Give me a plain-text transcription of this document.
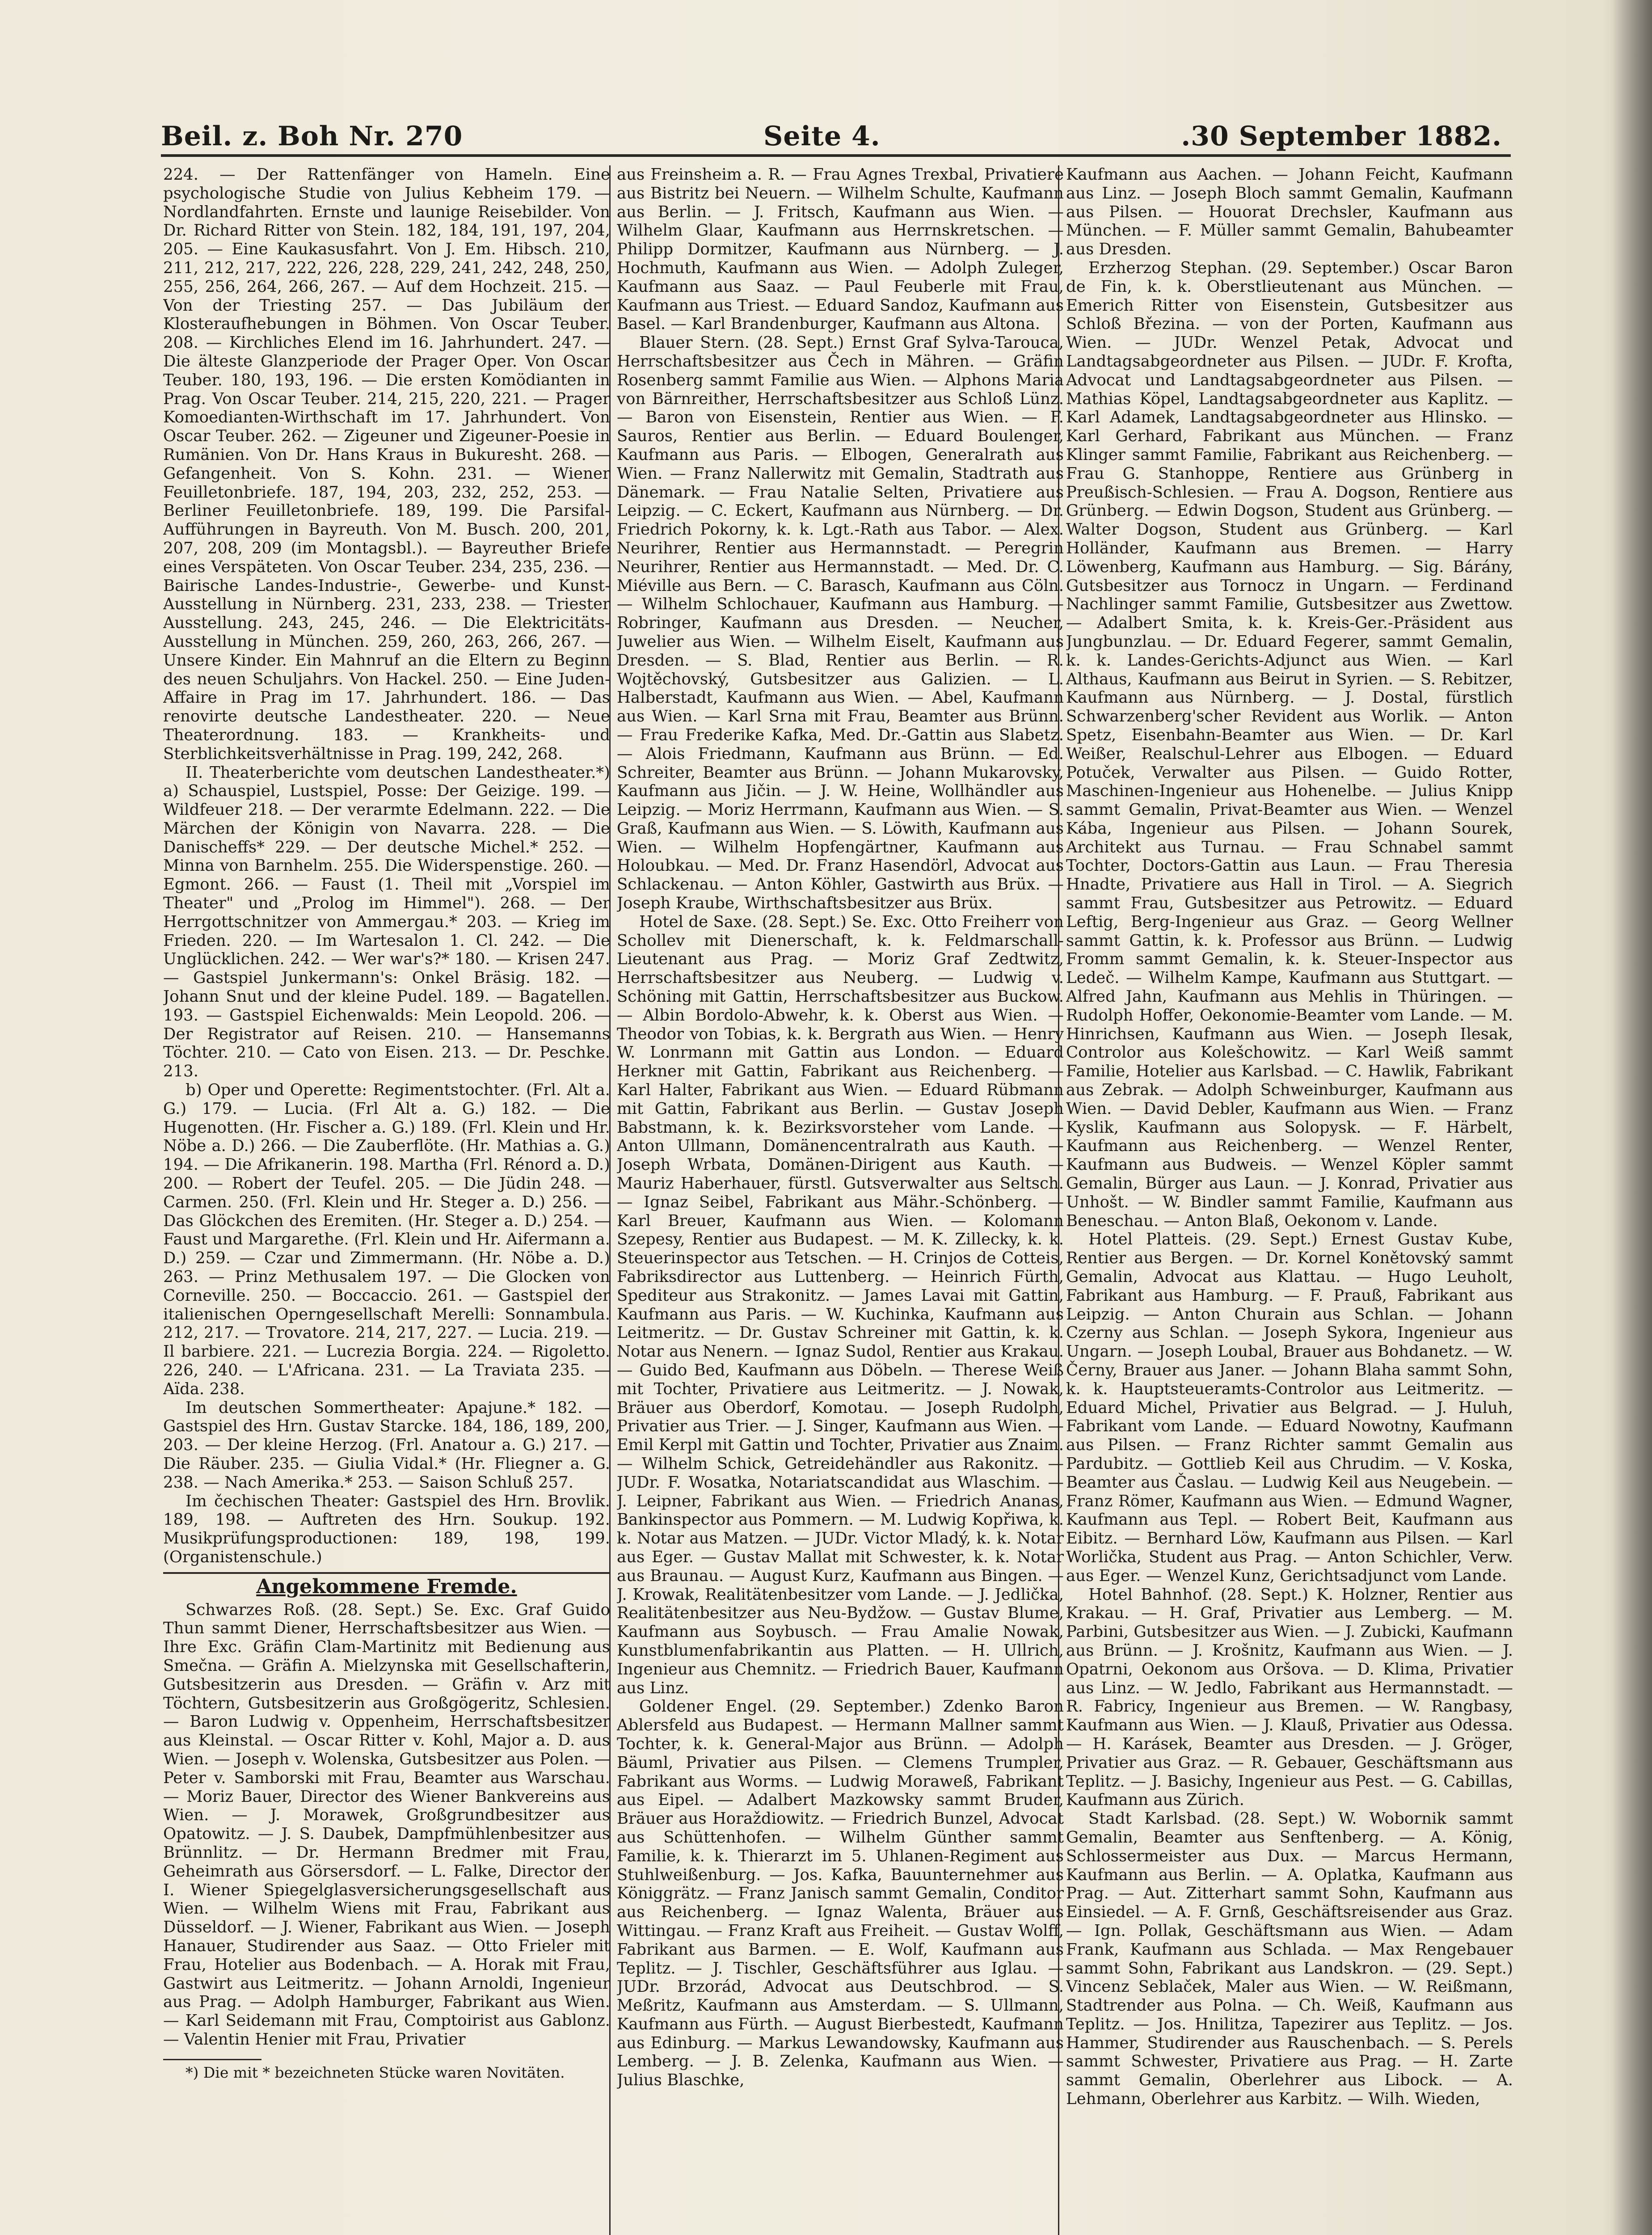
Beil. z. Boh Nr. 270	Seite 4.	.30 September 1882.

224. — Der Rattenfänger von Hameln. Eine psychologische Studie von Julius Kebheim 179. — Nordlandfahrten. Ernste und launige Reisebilder. Von Dr. Richard Ritter von Stein. 182, 184, 191, 197, 204, 205. — Eine Kaukasusfahrt. Von J. Em. Hibsch. 210, 211, 212, 217, 222, 226, 228, 229, 241, 242, 248, 250, 255, 256, 264, 266, 267. — Auf dem Hochzeit. 215. — Von der Triesting 257. — Das Jubiläum der Klosteraufhebungen in Böhmen. Von Oscar Teuber. 208. — Kirchliches Elend im 16. Jahrhundert. 247. — Die älteste Glanzperiode der Prager Oper. Von Oscar Teuber. 180, 193, 196. — Die ersten Komödianten in Prag. Von Oscar Teuber. 214, 215, 220, 221. — Prager Komoedianten-Wirthschaft im 17. Jahrhundert. Von Oscar Teuber. 262. — Zigeuner und Zigeuner-Poesie in Rumänien. Von Dr. Hans Kraus in Bukuresht. 268. — Gefangenheit. Von S. Kohn. 231. — Wiener Feuilletonbriefe. 187, 194, 203, 232, 252, 253. — Berliner Feuilletonbriefe. 189, 199. Die Parsifal-Aufführungen in Bayreuth. Von M. Busch. 200, 201, 207, 208, 209 (im Montagsbl.). — Bayreuther Briefe eines Verspäteten. Von Oscar Teuber. 234, 235, 236. — Bairische Landes-Industrie-, Gewerbe- und Kunst-Ausstellung in Nürnberg. 231, 233, 238. — Triester Ausstellung. 243, 245, 246. — Die Elektricitäts-Ausstellung in München. 259, 260, 263, 266, 267. — Unsere Kinder. Ein Mahnruf an die Eltern zu Beginn des neuen Schuljahrs. Von Hackel. 250. — Eine Juden-Affaire in Prag im 17. Jahrhundert. 186. — Das renovirte deutsche Landestheater. 220. — Neue Theaterordnung. 183. — Krankheits- und Sterblichkeitsverhältnisse in Prag. 199, 242, 268.

II. Theaterberichte vom deutschen Landestheater.*) a) Schauspiel, Lustspiel, Posse: Der Geizige. 199. — Wildfeuer 218. — Der verarmte Edelmann. 222. — Die Märchen der Königin von Navarra. 228. — Die Danischeffs* 229. — Der deutsche Michel.* 252. — Minna von Barnhelm. 255. Die Widerspenstige. 260. — Egmont. 266. — Faust (1. Theil mit „Vorspiel im Theater" und „Prolog im Himmel"). 268. — Der Herrgottschnitzer von Ammergau.* 203. — Krieg im Frieden. 220. — Im Wartesalon 1. Cl. 242. — Die Unglücklichen. 242. — Wer war's?* 180. — Krisen 247. — Gastspiel Junkermann's: Onkel Bräsig. 182. — Johann Snut und der kleine Pudel. 189. — Bagatellen. 193. — Gastspiel Eichenwalds: Mein Leopold. 206. — Der Registrator auf Reisen. 210. — Hansemanns Töchter. 210. — Cato von Eisen. 213. — Dr. Peschke. 213.

b) Oper und Operette: Regimentstochter. (Frl. Alt a. G.) 179. — Lucia. (Frl Alt a. G.) 182. — Die Hugenotten. (Hr. Fischer a. G.) 189. (Frl. Klein und Hr. Nöbe a. D.) 266. — Die Zauberflöte. (Hr. Mathias a. G.) 194. — Die Afrikanerin. 198. Martha (Frl. Rénord a. D.) 200. — Robert der Teufel. 205. — Die Jüdin 248. — Carmen. 250. (Frl. Klein und Hr. Steger a. D.) 256. — Das Glöckchen des Eremiten. (Hr. Steger a. D.) 254. — Faust und Margarethe. (Frl. Klein und Hr. Aifermann a. D.) 259. — Czar und Zimmermann. (Hr. Nöbe a. D.) 263. — Prinz Methusalem 197. — Die Glocken von Corneville. 250. — Boccaccio. 261. — Gastspiel der italienischen Operngesellschaft Merelli: Sonnambula. 212, 217. — Trovatore. 214, 217, 227. — Lucia. 219. — Il barbiere. 221. — Lucrezia Borgia. 224. — Rigoletto. 226, 240. — L'Africana. 231. — La Traviata 235. — Aïda. 238.

Im deutschen Sommertheater: Apajune.* 182. — Gastspiel des Hrn. Gustav Starcke. 184, 186, 189, 200, 203. — Der kleine Herzog. (Frl. Anatour a. G.) 217. — Die Räuber. 235. — Giulia Vidal.* (Hr. Fliegner a. G. 238. — Nach Amerika.* 253. — Saison Schluß 257.

Im čechischen Theater: Gastspiel des Hrn. Brovlik. 189, 198. — Auftreten des Hrn. Soukup. 192. Musikprüfungsproductionen: 189, 198, 199. (Organistenschule.)

Angekommene Fremde.

Schwarzes Roß. (28. Sept.) Se. Exc. Graf Guido Thun sammt Diener, Herrschaftsbesitzer aus Wien. — Ihre Exc. Gräfin Clam-Martinitz mit Bedienung aus Smečna. — Gräfin A. Mielzynska mit Gesellschafterin, Gutsbesitzerin aus Dresden. — Gräfin v. Arz mit Töchtern, Gutsbesitzerin aus Großgögeritz, Schlesien. — Baron Ludwig v. Oppenheim, Herrschaftsbesitzer aus Kleinstal. — Oscar Ritter v. Kohl, Major a. D. aus Wien. — Joseph v. Wolenska, Gutsbesitzer aus Polen. — Peter v. Samborski mit Frau, Beamter aus Warschau. — Moriz Bauer, Director des Wiener Bankvereins aus Wien. — J. Morawek, Großgrundbesitzer aus Opatowitz. — J. S. Daubek, Dampfmühlenbesitzer aus Brünnlitz. — Dr. Hermann Bredmer mit Frau, Geheimrath aus Görsersdorf. — L. Falke, Director der I. Wiener Spiegelglasversicherungsgesellschaft aus Wien. — Wilhelm Wiens mit Frau, Fabrikant aus Düsseldorf. — J. Wiener, Fabrikant aus Wien. — Joseph Hanauer, Studirender aus Saaz. — Otto Frieler mit Frau, Hotelier aus Bodenbach. — A. Horak mit Frau, Gastwirt aus Leitmeritz. — Johann Arnoldi, Ingenieur aus Prag. — Adolph Hamburger, Fabrikant aus Wien. — Karl Seidemann mit Frau, Comptoirist aus Gablonz. — Valentin Henier mit Frau, Privatier

*) Die mit * bezeichneten Stücke waren Novitäten.

aus Freinsheim a. R. — Frau Agnes Trexbal, Privatiere aus Bistritz bei Neuern. — Wilhelm Schulte, Kaufmann aus Berlin. — J. Fritsch, Kaufmann aus Wien. — Wilhelm Glaar, Kaufmann aus Herrnskretschen. — Philipp Dormitzer, Kaufmann aus Nürnberg. — J. Hochmuth, Kaufmann aus Wien. — Adolph Zuleger, Kaufmann aus Saaz. — Paul Feuberle mit Frau, Kaufmann aus Triest. — Eduard Sandoz, Kaufmann aus Basel. — Karl Brandenburger, Kaufmann aus Altona.

Blauer Stern. (28. Sept.) Ernst Graf Sylva-Tarouca, Herrschaftsbesitzer aus Čech in Mähren. — Gräfin Rosenberg sammt Familie aus Wien. — Alphons Maria von Bärnreither, Herrschaftsbesitzer aus Schloß Lünz. — Baron von Eisenstein, Rentier aus Wien. — F. Sauros, Rentier aus Berlin. — Eduard Boulenger, Kaufmann aus Paris. — Elbogen, Generalrath aus Wien. — Franz Nallerwitz mit Gemalin, Stadtrath aus Dänemark. — Frau Natalie Selten, Privatiere aus Leipzig. — C. Eckert, Kaufmann aus Nürnberg. — Dr. Friedrich Pokorny, k. k. Lgt.-Rath aus Tabor. — Alex. Neurihrer, Rentier aus Hermannstadt. — Peregrin Neurihrer, Rentier aus Hermannstadt. — Med. Dr. C. Miéville aus Bern. — C. Barasch, Kaufmann aus Cöln. — Wilhelm Schlochauer, Kaufmann aus Hamburg. — Robringer, Kaufmann aus Dresden. — Neucher, Juwelier aus Wien. — Wilhelm Eiselt, Kaufmann aus Dresden. — S. Blad, Rentier aus Berlin. — R. Wojtěchovský, Gutsbesitzer aus Galizien. — L. Halberstadt, Kaufmann aus Wien. — Abel, Kaufmann aus Wien. — Karl Srna mit Frau, Beamter aus Brünn. — Frau Frederike Kafka, Med. Dr.-Gattin aus Slabetz. — Alois Friedmann, Kaufmann aus Brünn. — Ed. Schreiter, Beamter aus Brünn. — Johann Mukarovsky, Kaufmann aus Jičin. — J. W. Heine, Wollhändler aus Leipzig. — Moriz Herrmann, Kaufmann aus Wien. — S. Graß, Kaufmann aus Wien. — S. Löwith, Kaufmann aus Wien. — Wilhelm Hopfengärtner, Kaufmann aus Holoubkau. — Med. Dr. Franz Hasendörl, Advocat aus Schlackenau. — Anton Köhler, Gastwirth aus Brüx. — Joseph Kraube, Wirthschaftsbesitzer aus Brüx.

Hotel de Saxe. (28. Sept.) Se. Exc. Otto Freiherr von Schollev mit Dienerschaft, k. k. Feldmarschall-Lieutenant aus Prag. — Moriz Graf Zedtwitz, Herrschaftsbesitzer aus Neuberg. — Ludwig v. Schöning mit Gattin, Herrschaftsbesitzer aus Buckow. — Albin Bordolo-Abwehr, k. k. Oberst aus Wien. — Theodor von Tobias, k. k. Bergrath aus Wien. — Henry W. Lonrmann mit Gattin aus London. — Eduard Herkner mit Gattin, Fabrikant aus Reichenberg. — Karl Halter, Fabrikant aus Wien. — Eduard Rübmann mit Gattin, Fabrikant aus Berlin. — Gustav Joseph Babstmann, k. k. Bezirksvorsteher vom Lande. — Anton Ullmann, Domänencentralrath aus Kauth. — Joseph Wrbata, Domänen-Dirigent aus Kauth. — Mauriz Haberhauer, fürstl. Gutsverwalter aus Seltsch. — Ignaz Seibel, Fabrikant aus Mähr.-Schönberg. — Karl Breuer, Kaufmann aus Wien. — Kolomann Szepesy, Rentier aus Budapest. — M. K. Zillecky, k. k. Steuerinspector aus Tetschen. — H. Crinjos de Cotteis, Fabriksdirector aus Luttenberg. — Heinrich Fürth, Spediteur aus Strakonitz. — James Lavai mit Gattin, Kaufmann aus Paris. — W. Kuchinka, Kaufmann aus Leitmeritz. — Dr. Gustav Schreiner mit Gattin, k. k. Notar aus Nenern. — Ignaz Sudol, Rentier aus Krakau. — Guido Bed, Kaufmann aus Döbeln. — Therese Weiß mit Tochter, Privatiere aus Leitmeritz. — J. Nowak, Bräuer aus Oberdorf, Komotau. — Joseph Rudolph, Privatier aus Trier. — J. Singer, Kaufmann aus Wien. — Emil Kerpl mit Gattin und Tochter, Privatier aus Znaim. — Wilhelm Schick, Getreidehändler aus Rakonitz. — JUDr. F. Wosatka, Notariatscandidat aus Wlaschim. — J. Leipner, Fabrikant aus Wien. — Friedrich Ananas, Bankinspector aus Pommern. — M. Ludwig Kopřiwa, k. k. Notar aus Matzen. — JUDr. Victor Mladý, k. k. Notar aus Eger. — Gustav Mallat mit Schwester, k. k. Notar aus Braunau. — August Kurz, Kaufmann aus Bingen. — J. Krowak, Realitätenbesitzer vom Lande. — J. Jedlička, Realitätenbesitzer aus Neu-Bydžow. — Gustav Blume, Kaufmann aus Soybusch. — Frau Amalie Nowak, Kunstblumenfabrikantin aus Platten. — H. Ullrich, Ingenieur aus Chemnitz. — Friedrich Bauer, Kaufmann aus Linz.

Goldener Engel. (29. September.) Zdenko Baron Ablersfeld aus Budapest. — Hermann Mallner sammt Tochter, k. k. General-Major aus Brünn. — Adolph Bäuml, Privatier aus Pilsen. — Clemens Trumpler, Fabrikant aus Worms. — Ludwig Moraweß, Fabrikant aus Eipel. — Adalbert Mazkowsky sammt Bruder, Bräuer aus Horaždiowitz. — Friedrich Bunzel, Advocat aus Schüttenhofen. — Wilhelm Günther sammt Familie, k. k. Thierarzt im 5. Uhlanen-Regiment aus Stuhlweißenburg. — Jos. Kafka, Bauunternehmer aus Königgrätz. — Franz Janisch sammt Gemalin, Conditor aus Reichenberg. — Ignaz Walenta, Bräuer aus Wittingau. — Franz Kraft aus Freiheit. — Gustav Wolff, Fabrikant aus Barmen. — E. Wolf, Kaufmann aus Teplitz. — J. Tischler, Geschäftsführer aus Iglau. — JUDr. Brzorád, Advocat aus Deutschbrod. — S. Meßritz, Kaufmann aus Amsterdam. — S. Ullmann, Kaufmann aus Fürth. — August Bierbestedt, Kaufmann aus Edinburg. — Markus Lewandowsky, Kaufmann aus Lemberg. — J. B. Zelenka, Kaufmann aus Wien. — Julius Blaschke,

Kaufmann aus Aachen. — Johann Feicht, Kaufmann aus Linz. — Joseph Bloch sammt Gemalin, Kaufmann aus Pilsen. — Houorat Drechsler, Kaufmann aus München. — F. Müller sammt Gemalin, Bahubeamter aus Dresden.

Erzherzog Stephan. (29. September.) Oscar Baron de Fin, k. k. Oberstlieutenant aus München. — Emerich Ritter von Eisenstein, Gutsbesitzer aus Schloß Březina. — von der Porten, Kaufmann aus Wien. — JUDr. Wenzel Petak, Advocat und Landtagsabgeordneter aus Pilsen. — JUDr. F. Krofta, Advocat und Landtagsabgeordneter aus Pilsen. — Mathias Köpel, Landtagsabgeordneter aus Kaplitz. — Karl Adamek, Landtagsabgeordneter aus Hlinsko. — Karl Gerhard, Fabrikant aus München. — Franz Klinger sammt Familie, Fabrikant aus Reichenberg. — Frau G. Stanhoppe, Rentiere aus Grünberg in Preußisch-Schlesien. — Frau A. Dogson, Rentiere aus Grünberg. — Edwin Dogson, Student aus Grünberg. — Walter Dogson, Student aus Grünberg. — Karl Holländer, Kaufmann aus Bremen. — Harry Löwenberg, Kaufmann aus Hamburg. — Sig. Bárány, Gutsbesitzer aus Tornocz in Ungarn. — Ferdinand Nachlinger sammt Familie, Gutsbesitzer aus Zwettow. — Adalbert Smita, k. k. Kreis-Ger.-Präsident aus Jungbunzlau. — Dr. Eduard Fegerer, sammt Gemalin, k. k. Landes-Gerichts-Adjunct aus Wien. — Karl Althaus, Kaufmann aus Beirut in Syrien. — S. Rebitzer, Kaufmann aus Nürnberg. — J. Dostal, fürstlich Schwarzenberg'scher Revident aus Worlik. — Anton Spetz, Eisenbahn-Beamter aus Wien. — Dr. Karl Weißer, Realschul-Lehrer aus Elbogen. — Eduard Potuček, Verwalter aus Pilsen. — Guido Rotter, Maschinen-Ingenieur aus Hohenelbe. — Julius Knipp sammt Gemalin, Privat-Beamter aus Wien. — Wenzel Kába, Ingenieur aus Pilsen. — Johann Sourek, Architekt aus Turnau. — Frau Schnabel sammt Tochter, Doctors-Gattin aus Laun. — Frau Theresia Hnadte, Privatiere aus Hall in Tirol. — A. Siegrich sammt Frau, Gutsbesitzer aus Petrowitz. — Eduard Leftig, Berg-Ingenieur aus Graz. — Georg Wellner sammt Gattin, k. k. Professor aus Brünn. — Ludwig Fromm sammt Gemalin, k. k. Steuer-Inspector aus Ledeč. — Wilhelm Kampe, Kaufmann aus Stuttgart. — Alfred Jahn, Kaufmann aus Mehlis in Thüringen. — Rudolph Hoffer, Oekonomie-Beamter vom Lande. — M. Hinrichsen, Kaufmann aus Wien. — Joseph Ilesak, Controlor aus Kolešchowitz. — Karl Weiß sammt Familie, Hotelier aus Karlsbad. — C. Hawlik, Fabrikant aus Zebrak. — Adolph Schweinburger, Kaufmann aus Wien. — David Debler, Kaufmann aus Wien. — Franz Kyslik, Kaufmann aus Solopysk. — F. Härbelt, Kaufmann aus Reichenberg. — Wenzel Renter, Kaufmann aus Budweis. — Wenzel Köpler sammt Gemalin, Bürger aus Laun. — J. Konrad, Privatier aus Unhošt. — W. Bindler sammt Familie, Kaufmann aus Beneschau. — Anton Blaß, Oekonom v. Lande.

Hotel Platteis. (29. Sept.) Ernest Gustav Kube, Rentier aus Bergen. — Dr. Kornel Konětovský sammt Gemalin, Advocat aus Klattau. — Hugo Leuholt, Fabrikant aus Hamburg. — F. Prauß, Fabrikant aus Leipzig. — Anton Churain aus Schlan. — Johann Czerny aus Schlan. — Joseph Sykora, Ingenieur aus Ungarn. — Joseph Loubal, Brauer aus Bohdanetz. — W. Černy, Brauer aus Janer. — Johann Blaha sammt Sohn, k. k. Hauptsteueramts-Controlor aus Leitmeritz. — Eduard Michel, Privatier aus Belgrad. — J. Huluh, Fabrikant vom Lande. — Eduard Nowotny, Kaufmann aus Pilsen. — Franz Richter sammt Gemalin aus Pardubitz. — Gottlieb Keil aus Chrudim. — V. Koska, Beamter aus Časlau. — Ludwig Keil aus Neugebein. — Franz Römer, Kaufmann aus Wien. — Edmund Wagner, Kaufmann aus Tepl. — Robert Beit, Kaufmann aus Eibitz. — Bernhard Löw, Kaufmann aus Pilsen. — Karl Worlička, Student aus Prag. — Anton Schichler, Verw. aus Eger. — Wenzel Kunz, Gerichtsadjunct vom Lande.

Hotel Bahnhof. (28. Sept.) K. Holzner, Rentier aus Krakau. — H. Graf, Privatier aus Lemberg. — M. Parbini, Gutsbesitzer aus Wien. — J. Zubicki, Kaufmann aus Brünn. — J. Krošnitz, Kaufmann aus Wien. — J. Opatrni, Oekonom aus Oršova. — D. Klima, Privatier aus Linz. — W. Jedlo, Fabrikant aus Hermannstadt. — R. Fabricy, Ingenieur aus Bremen. — W. Rangbasy, Kaufmann aus Wien. — J. Klauß, Privatier aus Odessa. — H. Karásek, Beamter aus Dresden. — J. Gröger, Privatier aus Graz. — R. Gebauer, Geschäftsmann aus Teplitz. — J. Basichy, Ingenieur aus Pest. — G. Cabillas, Kaufmann aus Zürich.

Stadt Karlsbad. (28. Sept.) W. Wobornik sammt Gemalin, Beamter aus Senftenberg. — A. König, Schlossermeister aus Dux. — Marcus Hermann, Kaufmann aus Berlin. — A. Oplatka, Kaufmann aus Prag. — Aut. Zitterhart sammt Sohn, Kaufmann aus Einsiedel. — A. F. Grnß, Geschäftsreisender aus Graz. — Ign. Pollak, Geschäftsmann aus Wien. — Adam Frank, Kaufmann aus Schlada. — Max Rengebauer sammt Sohn, Fabrikant aus Landskron. — (29. Sept.) Vincenz Seblaček, Maler aus Wien. — W. Reißmann, Stadtrender aus Polna. — Ch. Weiß, Kaufmann aus Teplitz. — Jos. Hnilitza, Tapezirer aus Teplitz. — Jos. Hammer, Studirender aus Rauschenbach. — S. Perels sammt Schwester, Privatiere aus Prag. — H. Zarte sammt Gemalin, Oberlehrer aus Libock. — A. Lehmann, Oberlehrer aus Karbitz. — Wilh. Wieden,
